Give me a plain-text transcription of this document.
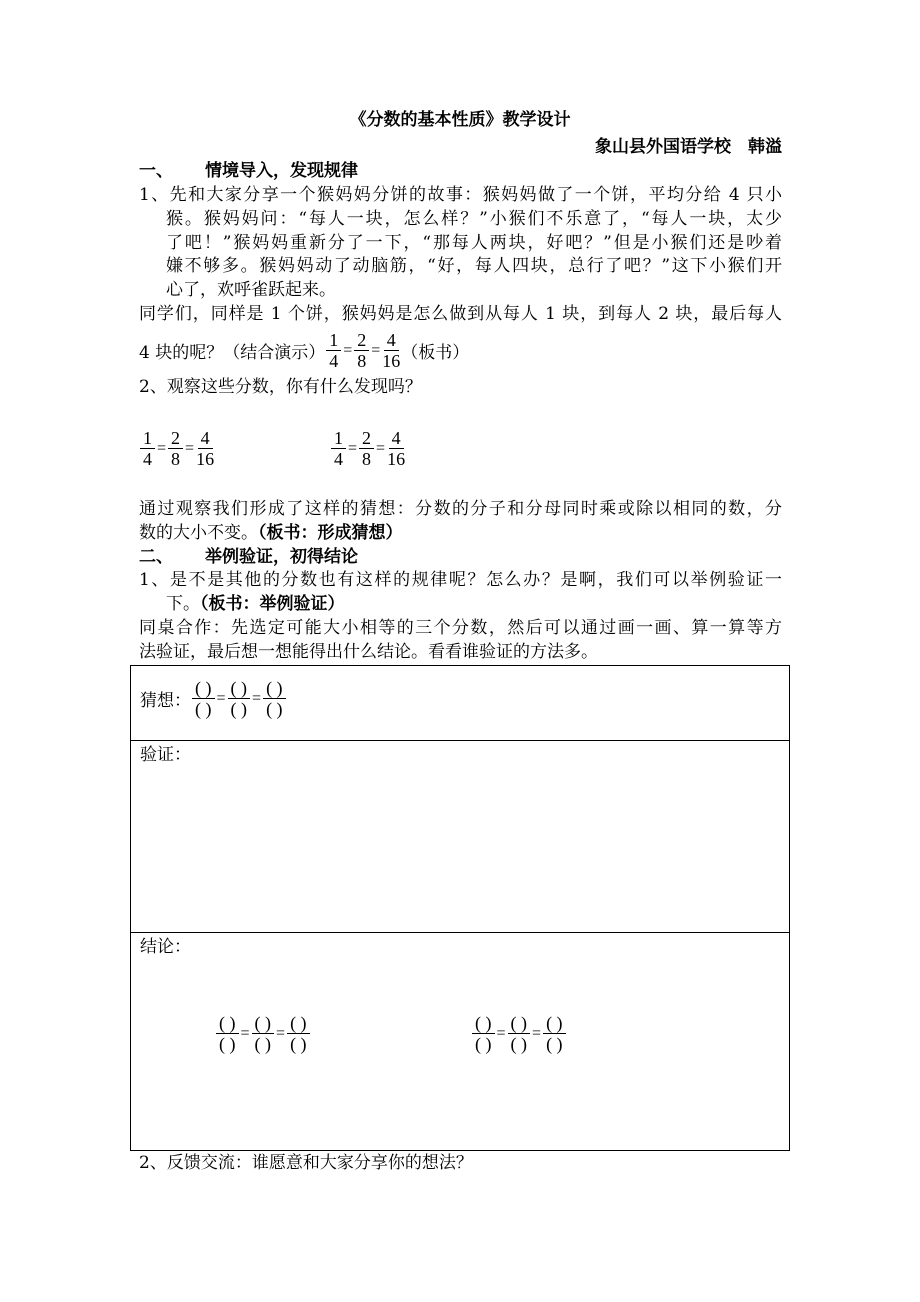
《分数的基本性质》教学设计
象山县外国语学校　韩溢
一、 情境导入，发现规律
1、先和大家分享一个猴妈妈分饼的故事：猴妈妈做了一个饼，平均分给 4 只小
猴。猴妈妈问：“每人一块，怎么样？”小猴们不乐意了，“每人一块，太少
了吧！”猴妈妈重新分了一下，“那每人两块，好吧？”但是小猴们还是吵着
嫌不够多。猴妈妈动了动脑筋，“好，每人四块，总行了吧？”这下小猴们开
心了，欢呼雀跃起来。
同学们，同样是 1 个饼，猴妈妈是怎么做到从每人 1 块，到每人 2 块，最后每人
4 块的呢？（结合演示） $\frac{1}{4} = \frac{2}{8} = \frac{4}{16}$ （板书）
2、观察这些分数，你有什么发现吗？
$\frac{1}{4} = \frac{2}{8} = \frac{4}{16}$	$\frac{1}{4} = \frac{2}{8} = \frac{4}{16}$
通过观察我们形成了这样的猜想：分数的分子和分母同时乘或除以相同的数，分
数的大小不变。（板书：形成猜想）
二、 举例验证，初得结论
1、是不是其他的分数也有这样的规律呢？怎么办？是啊，我们可以举例验证一
下。（板书：举例验证）
同桌合作：先选定可能大小相等的三个分数，然后可以通过画一画、算一算等方
法验证，最后想一想能得出什么结论。看看谁验证的方法多。
猜想： $\frac{( )}{( )} = \frac{( )}{( )} = \frac{( )}{( )}$
验证：
结论：
$\frac{( )}{( )} = \frac{( )}{( )} = \frac{( )}{( )}$	$\frac{( )}{( )} = \frac{( )}{( )} = \frac{( )}{( )}$
2、反馈交流：谁愿意和大家分享你的想法？
